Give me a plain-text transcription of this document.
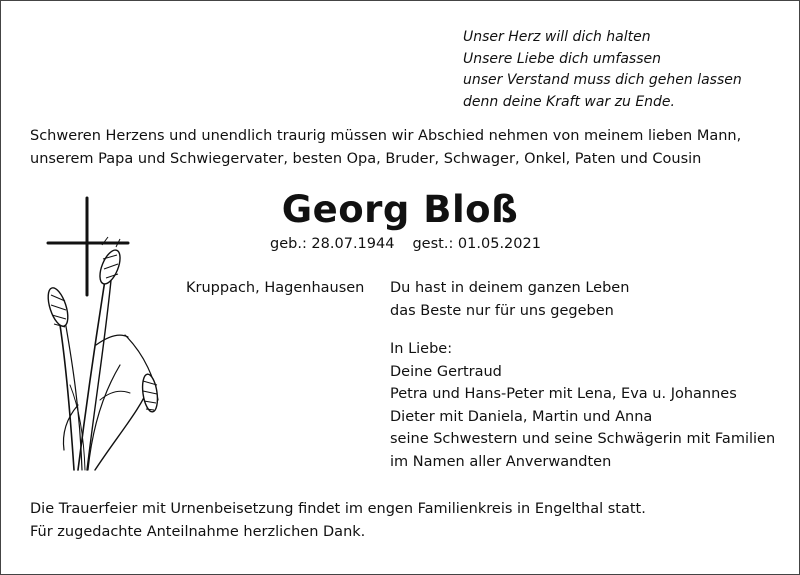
Unser Herz will dich halten
Unsere Liebe dich umfassen
unser Verstand muss dich gehen lassen
denn deine Kraft war zu Ende.
Schweren Herzens und unendlich traurig müssen wir Abschied nehmen von meinem lieben Mann,
unserem Papa und Schwiegervater, besten Opa, Bruder, Schwager, Onkel, Paten und Cousin
Georg Bloß
geb.: 28.07.1944 gest.: 01.05.2021
Kruppach, Hagenhausen Du hast in deinem ganzen Leben
das Beste nur für uns gegeben
In Liebe:
Deine Gertraud
Petra und Hans-Peter mit Lena, Eva u. Johannes
Dieter mit Daniela, Martin und Anna
seine Schwestern und seine Schwägerin mit Familien
im Namen aller Anverwandten
Die Trauerfeier mit Urnenbeisetzung findet im engen Familienkreis in Engelthal statt.
Für zugedachte Anteilnahme herzlichen Dank.
